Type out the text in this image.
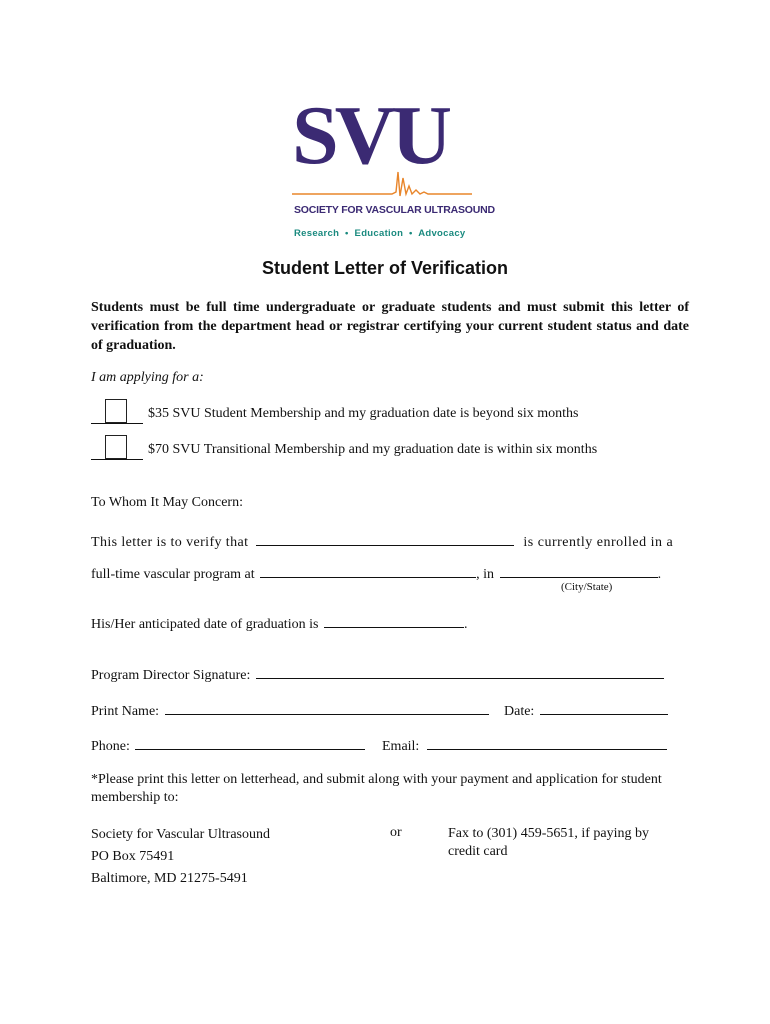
SVU
SOCIETY FOR VASCULAR ULTRASOUND
Research  •  Education  •  Advocacy
Student Letter of Verification
Students must be full time undergraduate or graduate students and must submit this letter of verification from the department head or registrar certifying your current student status and date of graduation.
I am applying for a:
$35 SVU Student Membership and my graduation date is beyond six months
$70 SVU Transitional Membership and my graduation date is within six months
To Whom It May Concern:
This letter is to verify that	is currently enrolled in a
full-time vascular program at	, in	.
(City/State)
His/Her anticipated date of graduation is	.
Program Director Signature:
Print Name:	Date:
Phone:	Email:
*Please print this letter on letterhead, and submit along with your payment and application for student membership to:
Society for Vascular Ultrasound
PO Box 75491
Baltimore, MD 21275-5491
or	Fax to (301) 459-5651, if paying by credit card
